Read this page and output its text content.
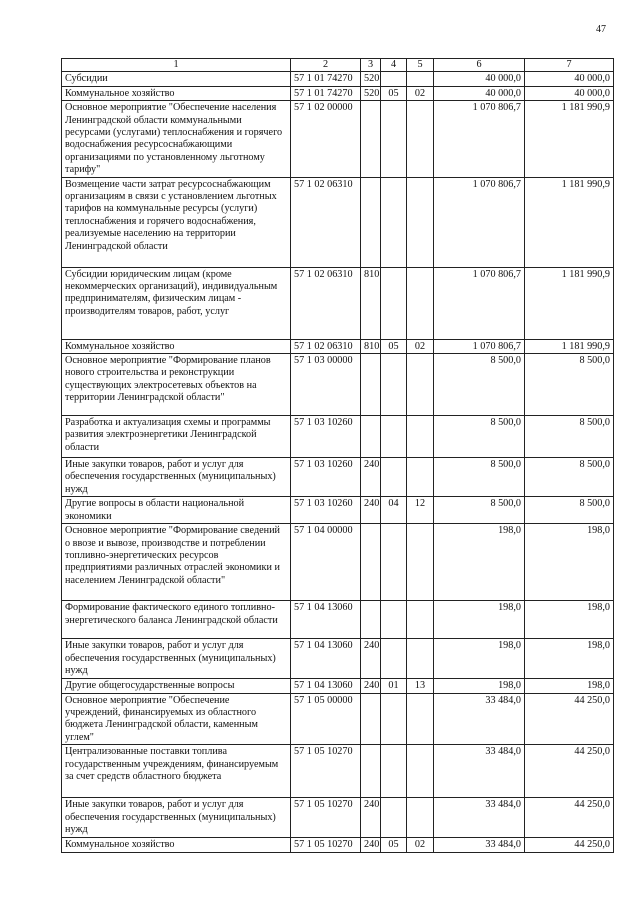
47
1	2	3	4	5	6	7
Субсидии	57 1 01 74270	520			40 000,0	40 000,0
Коммунальное хозяйство	57 1 01 74270	520	05	02	40 000,0	40 000,0
Основное мероприятие "Обеспечение населения Ленинградской области коммунальными ресурсами (услугами) теплоснабжения и горячего водоснабжения ресурсоснабжающими организациями по установленному льготному тарифу"	57 1 02 00000				1 070 806,7	1 181 990,9
Возмещение части затрат ресурсоснабжающим организациям в связи с установлением льготных тарифов на коммунальные ресурсы (услуги) теплоснабжения и горячего водоснабжения, реализуемые населению на территории Ленинградской области	57 1 02 06310				1 070 806,7	1 181 990,9
Субсидии юридическим лицам (кроме некоммерческих организаций), индивидуальным предпринимателям, физическим лицам - производителям товаров, работ, услуг	57 1 02 06310	810			1 070 806,7	1 181 990,9
Коммунальное хозяйство	57 1 02 06310	810	05	02	1 070 806,7	1 181 990,9
Основное мероприятие "Формирование планов нового строительства и реконструкции существующих электросетевых объектов на территории Ленинградской области"	57 1 03 00000				8 500,0	8 500,0
Разработка и актуализация схемы и программы развития электроэнергетики Ленинградской области	57 1 03 10260				8 500,0	8 500,0
Иные закупки товаров, работ и услуг для обеспечения государственных (муниципальных) нужд	57 1 03 10260	240			8 500,0	8 500,0
Другие вопросы в области национальной экономики	57 1 03 10260	240	04	12	8 500,0	8 500,0
Основное мероприятие "Формирование сведений о ввозе и вывозе, производстве и потреблении топливно-энергетических ресурсов предприятиями различных отраслей экономики и населением Ленинградской области"	57 1 04 00000				198,0	198,0
Формирование фактического единого топливно-энергетического баланса Ленинградской области	57 1 04 13060				198,0	198,0
Иные закупки товаров, работ и услуг для обеспечения государственных (муниципальных) нужд	57 1 04 13060	240			198,0	198,0
Другие общегосударственные вопросы	57 1 04 13060	240	01	13	198,0	198,0
Основное мероприятие "Обеспечение учреждений, финансируемых из областного бюджета Ленинградской области, каменным углем"	57 1 05 00000				33 484,0	44 250,0
Централизованные поставки топлива государственным учреждениям, финансируемым за счет средств областного бюджета	57 1 05 10270				33 484,0	44 250,0
Иные закупки товаров, работ и услуг для обеспечения государственных (муниципальных) нужд	57 1 05 10270	240			33 484,0	44 250,0
Коммунальное хозяйство	57 1 05 10270	240	05	02	33 484,0	44 250,0
